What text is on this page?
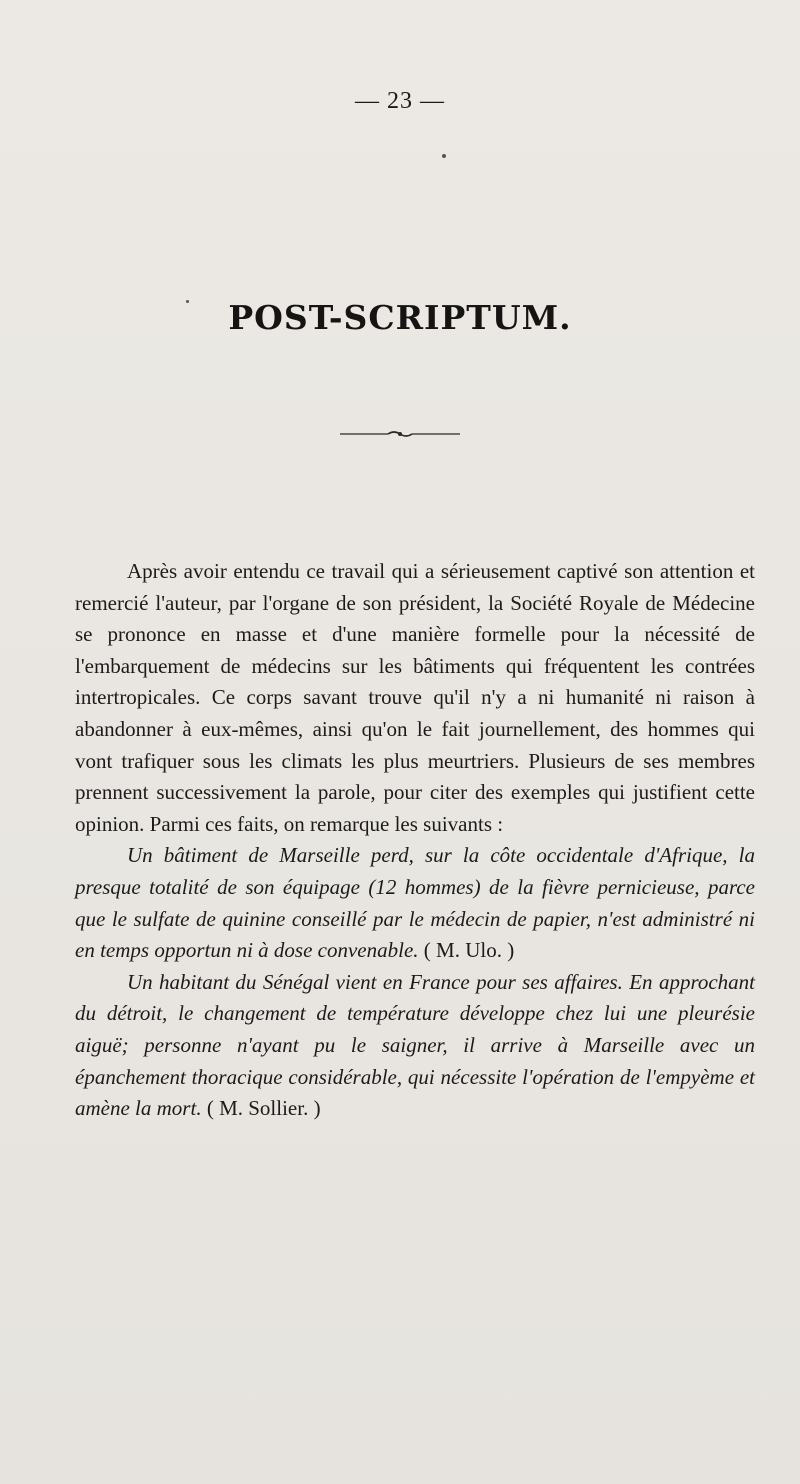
— 23 —
POST-SCRIPTUM.

Après avoir entendu ce travail qui a sérieusement captivé son attention et remercié l'auteur, par l'organe de son président, la Société Royale de Médecine se prononce en masse et d'une manière formelle pour la nécessité de l'embarquement de médecins sur les bâtiments qui fréquentent les contrées intertropicales. Ce corps savant trouve qu'il n'y a ni humanité ni raison à abandonner à eux-mêmes, ainsi qu'on le fait journellement, des hommes qui vont trafiquer sous les climats les plus meurtriers. Plusieurs de ses membres prennent successivement la parole, pour citer des exemples qui justifient cette opinion. Parmi ces faits, on remarque les suivants :

Un bâtiment de Marseille perd, sur la côte occidentale d'Afrique, la presque totalité de son équipage (12 hommes) de la fièvre pernicieuse, parce que le sulfate de quinine conseillé par le médecin de papier, n'est administré ni en temps opportun ni à dose convenable. ( M. Ulo. )

Un habitant du Sénégal vient en France pour ses affaires. En approchant du détroit, le changement de température développe chez lui une pleurésie aiguë; personne n'ayant pu le saigner, il arrive à Marseille avec un épanchement thoracique considérable, qui nécessite l'opération de l'empyème et amène la mort. ( M. Sollier. )
